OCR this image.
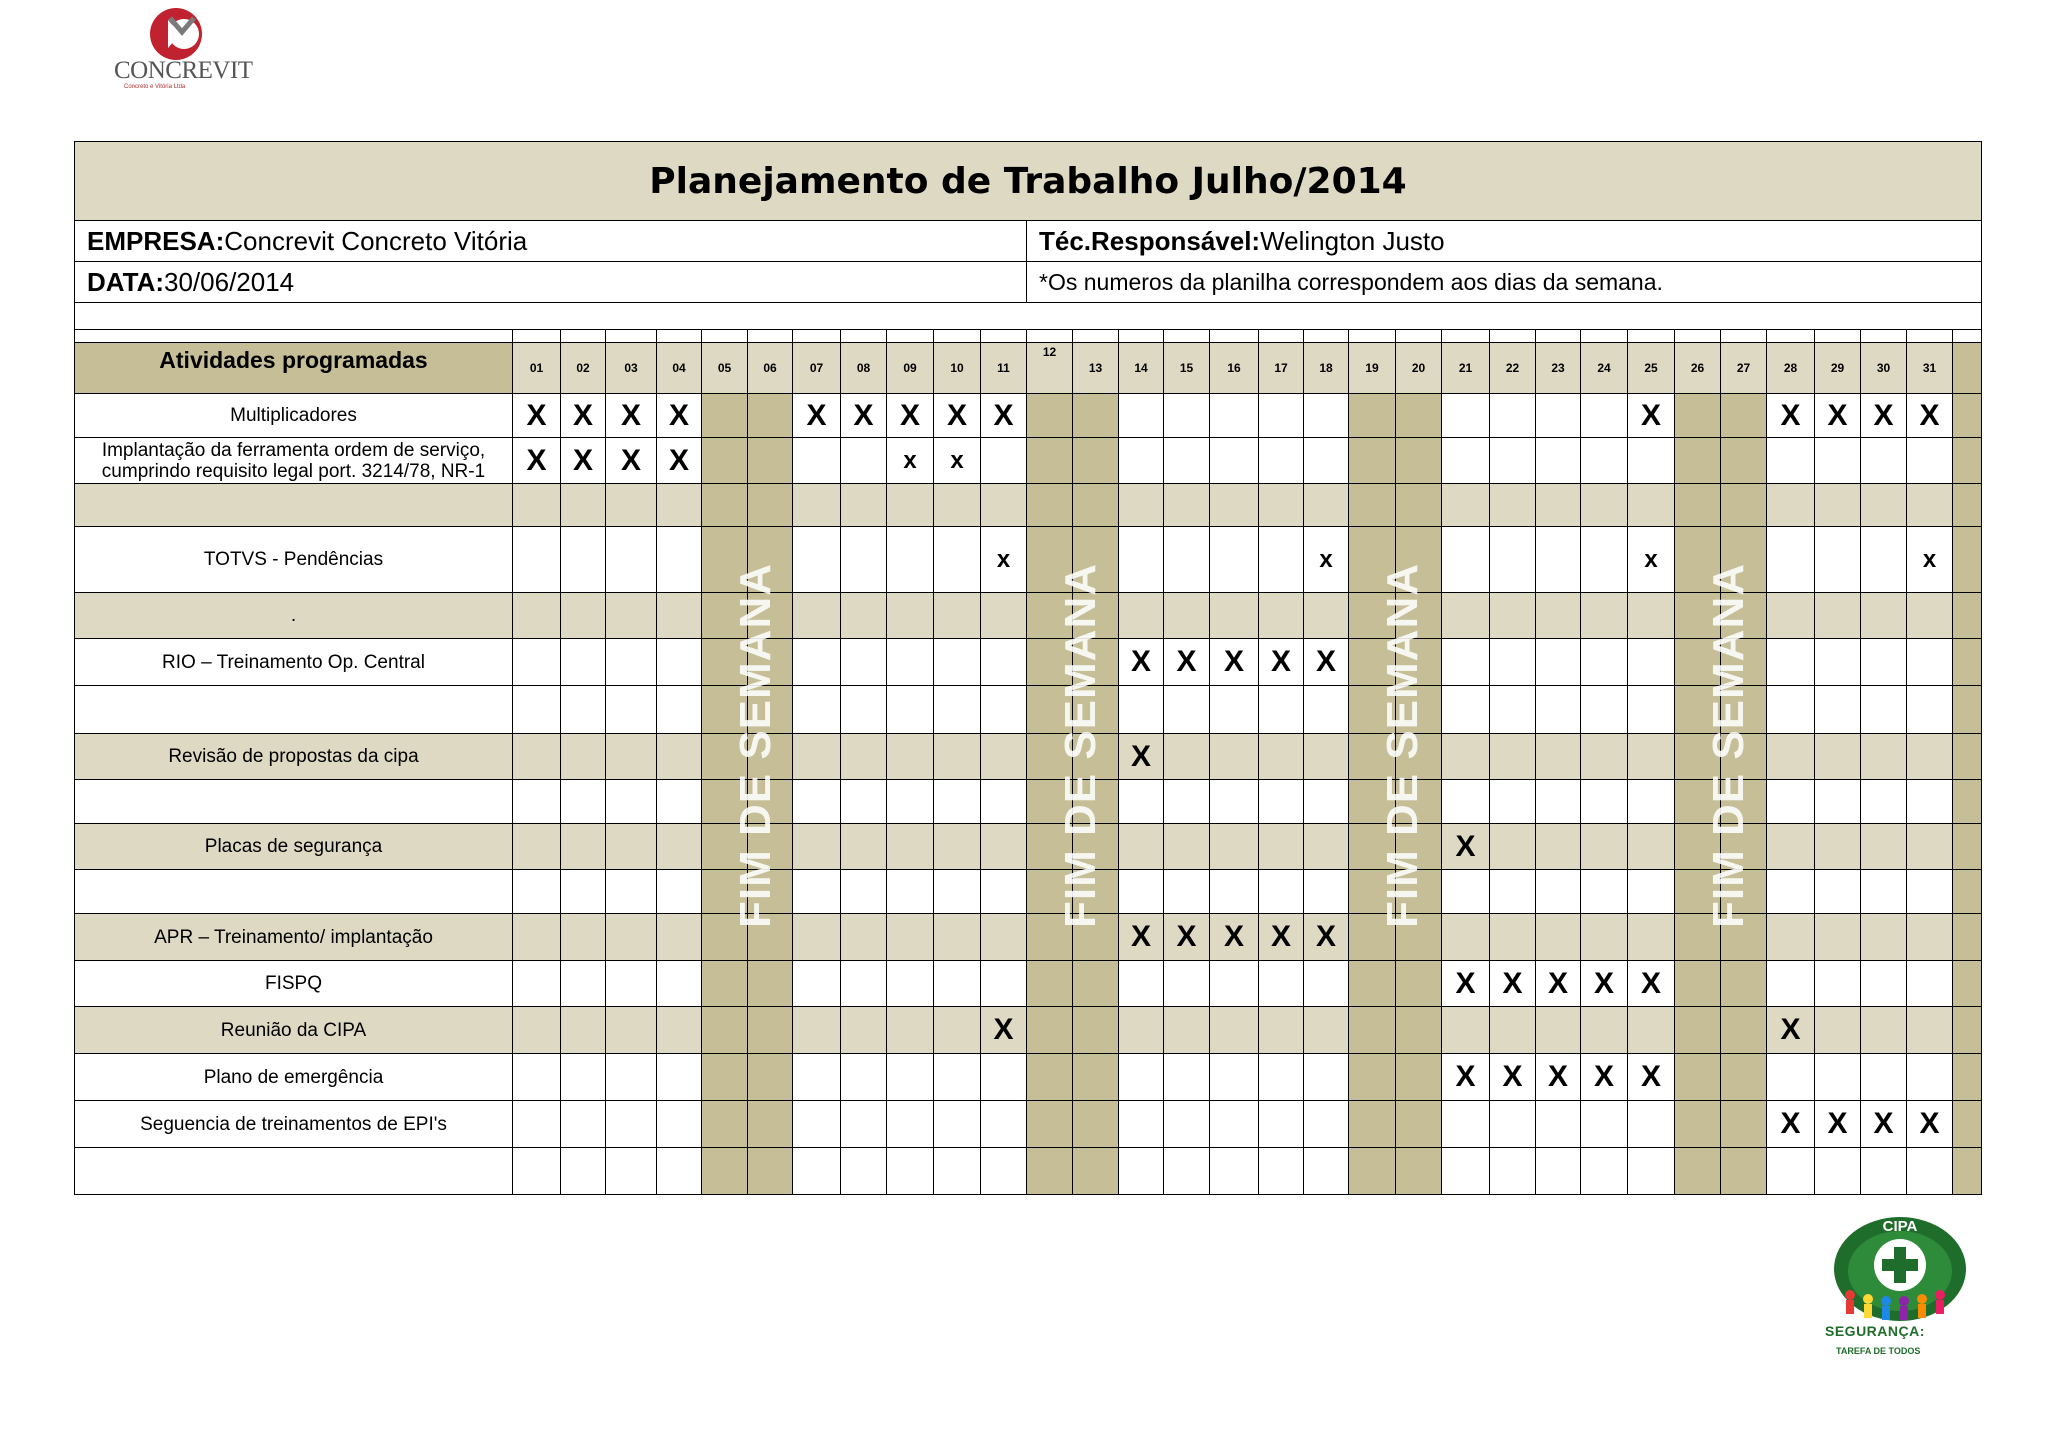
CONCREVIT
Concreto e Vitória Ltda
Planejamento de Trabalho Julho/2014																																
EMPRESA:Concrevit Concreto Vitória												Téc.Responsável:Welington Justo																				
DATA:30/06/2014												*Os numeros da planilha correspondem aos dias da semana.																				

Atividades programadas	01	02	03	04	05	06	07	08	09	10	11	12	13	14	15	16	17	18	19	20	21	22	23	24	25	26	27	28	29	30	31	
Multiplicadores	X	X	X	X			X	X	X	X	X														X			X	X	X	X	
Implantação da ferramenta ordem de serviço, cumprindo requisito legal port. 3214/78, NR-1	X	X	X	X					x	x																						

TOTVS - Pendências											x							x							x						x	
.																																
RIO – Treinamento Op. Central														X	X	X	X	X														

Revisão de propostas da cipa														X																		

Placas de segurança																					X											

APR – Treinamento/ implantação														X	X	X	X	X														
FISPQ																					X	X	X	X	X							
Reunião da CIPA											X																	X				
Plano de emergência																					X	X	X	X	X							
Seguencia de treinamentos de EPI's																												X	X	X	X	

FIM DE SEMANA	FIM DE SEMANA	FIM DE SEMANA	FIM DE SEMANA
CIPA
SEGURANÇA:
TAREFA DE TODOS
